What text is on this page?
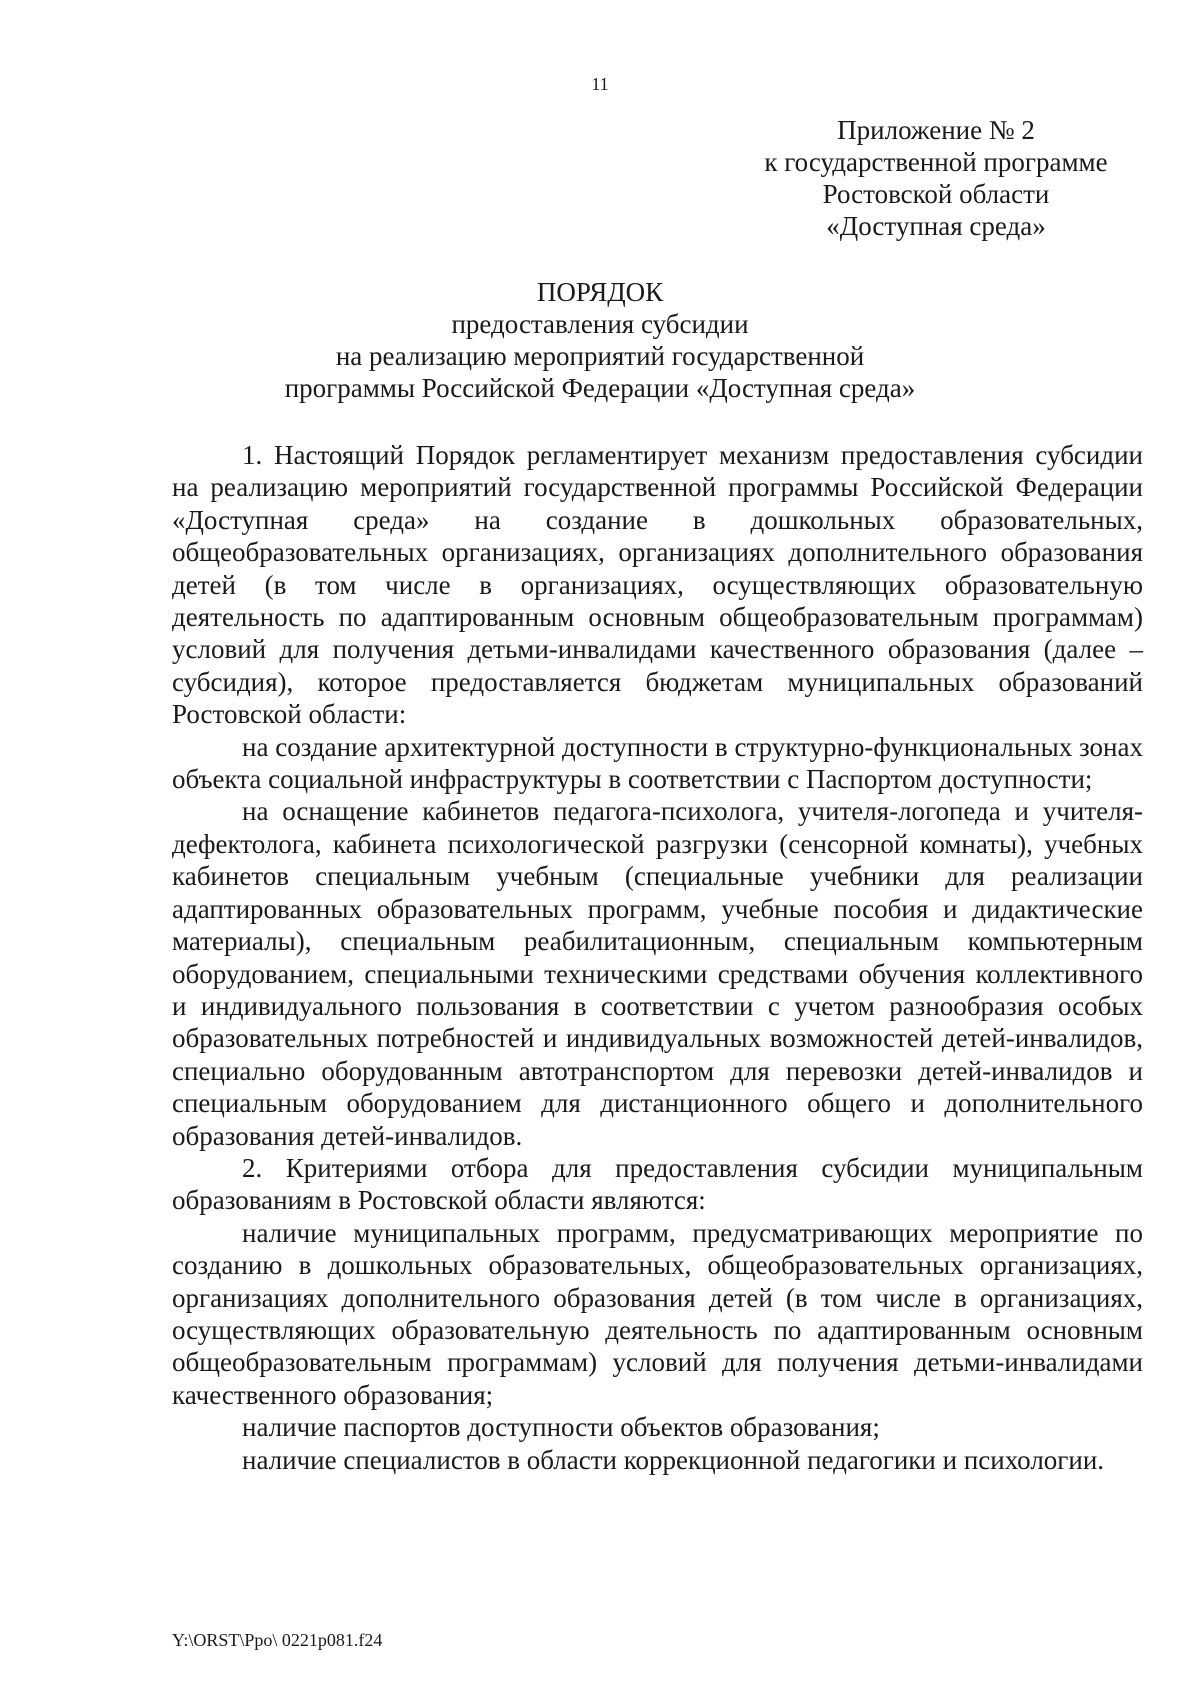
11
Приложение № 2
к государственной программе
Ростовской области
«Доступная среда»
ПОРЯДОК
предоставления субсидии
на реализацию мероприятий государственной
программы Российской Федерации «Доступная среда»

1. Настоящий Порядок регламентирует механизм предоставления субсидии на реализацию мероприятий государственной программы Российской Федерации «Доступная среда» на создание в дошкольных образовательных, общеобразовательных организациях, организациях дополнительного образования детей (в том числе в организациях, осуществляющих образовательную деятельность по адаптированным основным общеобразовательным программам) условий для получения детьми-инвалидами качественного образования (далее – субсидия), которое предоставляется бюджетам муниципальных образований Ростовской области:

на создание архитектурной доступности в структурно-функциональных зонах объекта социальной инфраструктуры в соответствии с Паспортом доступности;

на оснащение кабинетов педагога-психолога, учителя-логопеда и учителя-дефектолога, кабинета психологической разгрузки (сенсорной комнаты), учебных кабинетов специальным учебным (специальные учебники для реализации адаптированных образовательных программ, учебные пособия и дидактические материалы), специальным реабилитационным, специальным компьютерным оборудованием, специальными техническими средствами обучения коллективного и индивидуального пользования в соответствии с учетом разнообразия особых образовательных потребностей и индивидуальных возможностей детей-инвалидов, специально оборудованным автотранспортом для перевозки детей-инвалидов и специальным оборудованием для дистанционного общего и дополнительного образования детей-инвалидов.

2. Критериями отбора для предоставления субсидии муниципальным образованиям в Ростовской области являются:

наличие муниципальных программ, предусматривающих мероприятие по созданию в дошкольных образовательных, общеобразовательных организациях, организациях дополнительного образования детей (в том числе в организациях, осуществляющих образовательную деятельность по адаптированным основным общеобразовательным программам) условий для получения детьми-инвалидами качественного образования;

наличие паспортов доступности объектов образования;

наличие специалистов в области коррекционной педагогики и психологии.

Y:\ORST\Ppo\ 0221p081.f24
